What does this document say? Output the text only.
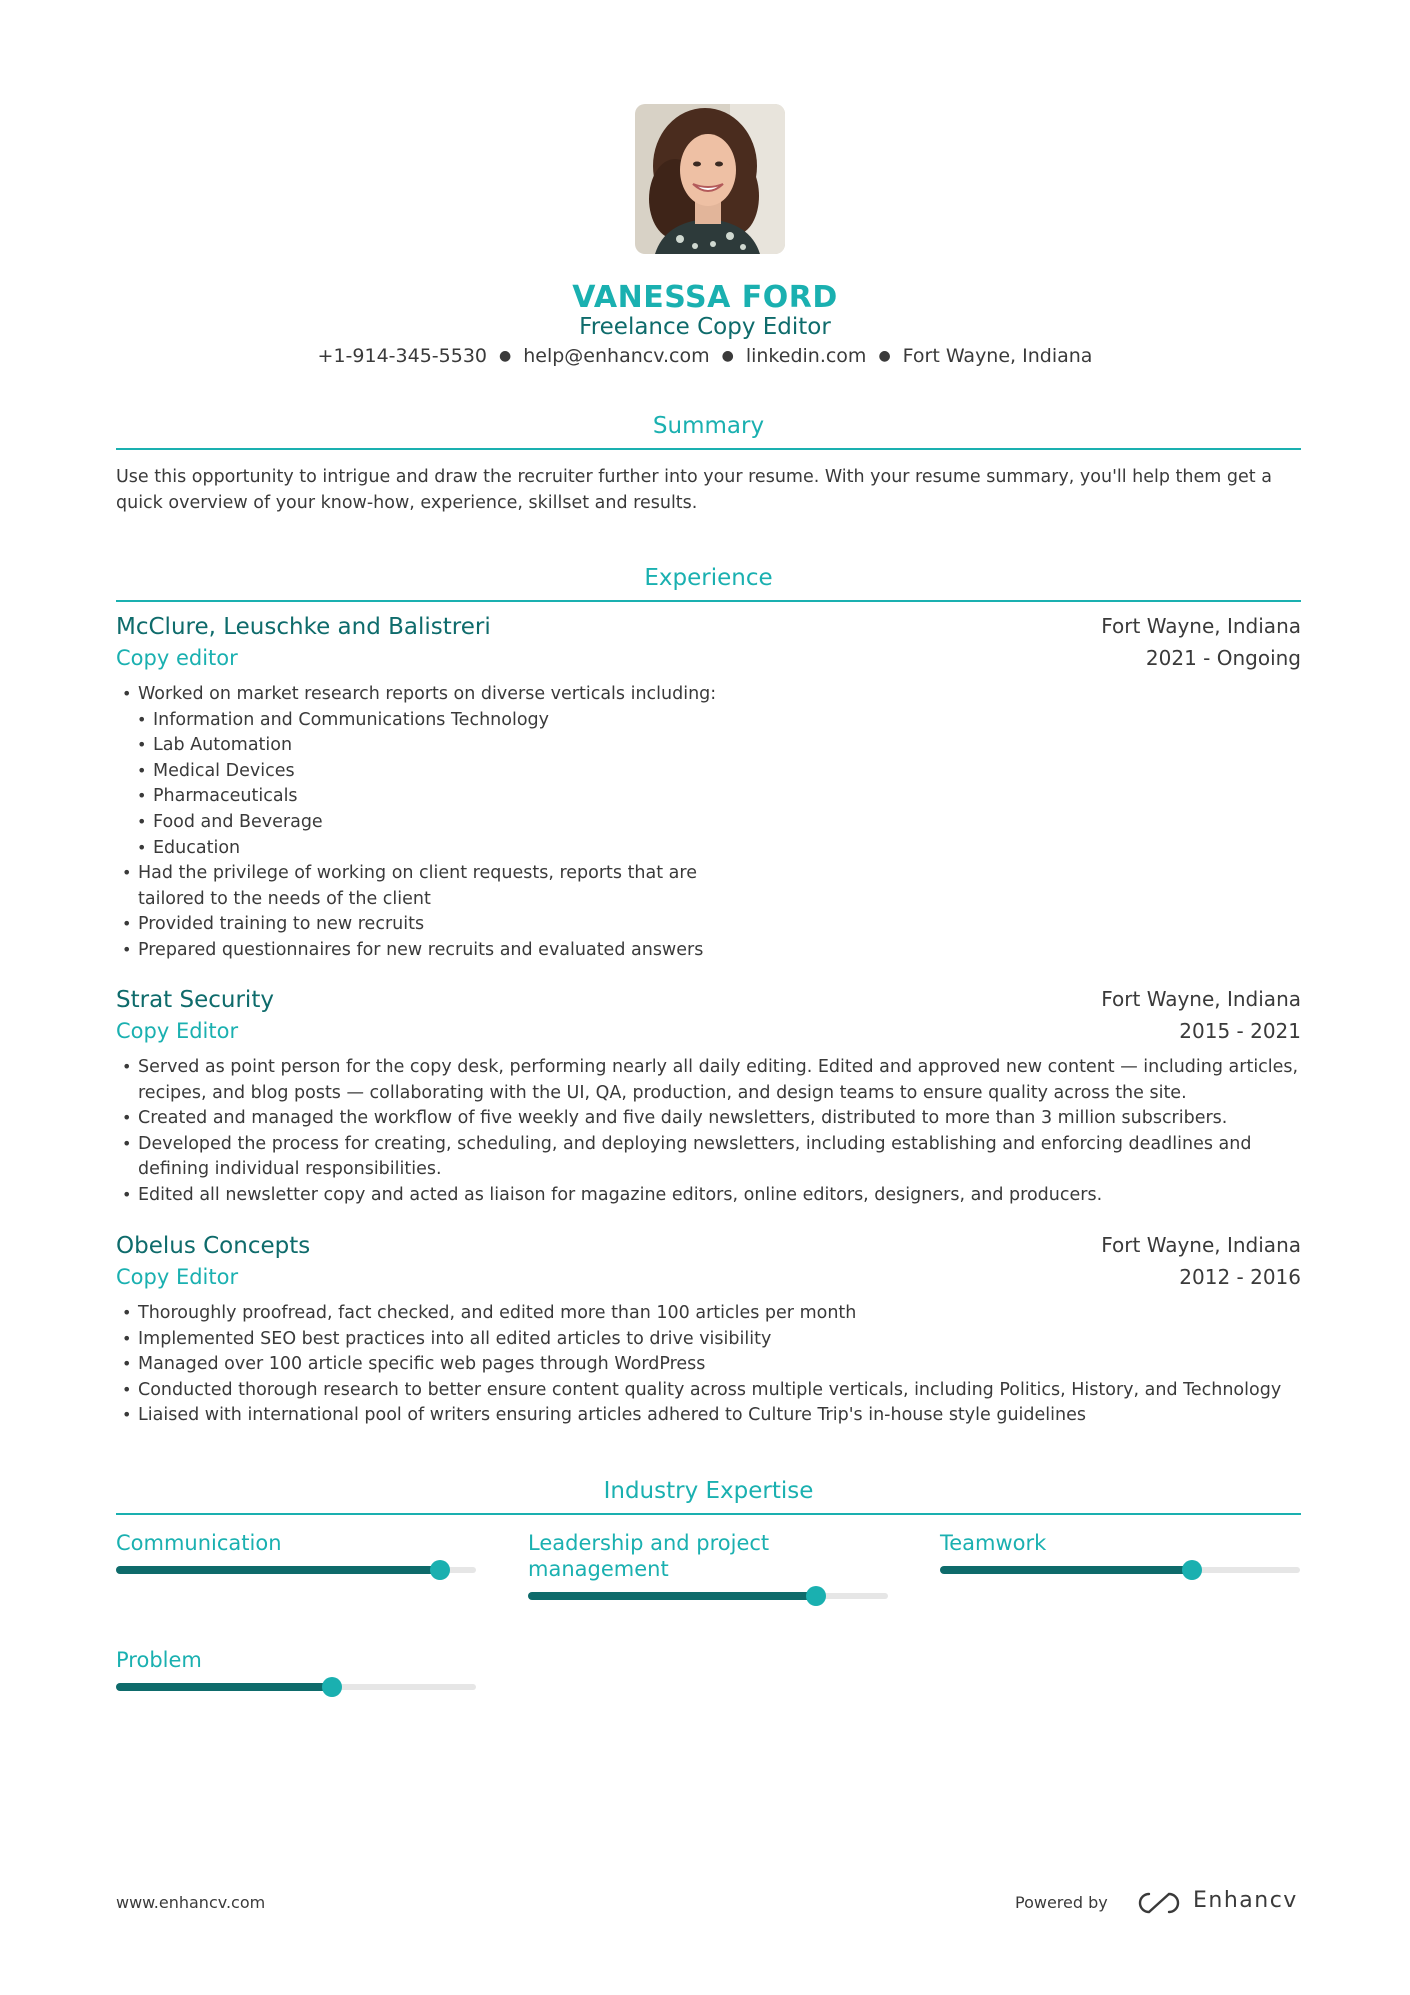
VANESSA FORD
Freelance Copy Editor
+1-914-345-5530 ● help@enhancv.com ● linkedin.com ● Fort Wayne, Indiana
Summary
Use this opportunity to intrigue and draw the recruiter further into your resume. With your resume summary, you'll help them get a quick overview of your know-how, experience, skillset and results.
Experience
McClure, Leuschke and Balistreri	Fort Wayne, Indiana
Copy editor	2021 - Ongoing
• Worked on market research reports on diverse verticals including:
• Information and Communications Technology
• Lab Automation
• Medical Devices
• Pharmaceuticals
• Food and Beverage
• Education
• Had the privilege of working on client requests, reports that are tailored to the needs of the client
• Provided training to new recruits
• Prepared questionnaires for new recruits and evaluated answers
Strat Security	Fort Wayne, Indiana
Copy Editor	2015 - 2021
• Served as point person for the copy desk, performing nearly all daily editing. Edited and approved new content — including articles, recipes, and blog posts — collaborating with the UI, QA, production, and design teams to ensure quality across the site.
• Created and managed the workflow of five weekly and five daily newsletters, distributed to more than 3 million subscribers.
• Developed the process for creating, scheduling, and deploying newsletters, including establishing and enforcing deadlines and defining individual responsibilities.
• Edited all newsletter copy and acted as liaison for magazine editors, online editors, designers, and producers.
Obelus Concepts	Fort Wayne, Indiana
Copy Editor	2012 - 2016
• Thoroughly proofread, fact checked, and edited more than 100 articles per month
• Implemented SEO best practices into all edited articles to drive visibility
• Managed over 100 article specific web pages through WordPress
• Conducted thorough research to better ensure content quality across multiple verticals, including Politics, History, and Technology
• Liaised with international pool of writers ensuring articles adhered to Culture Trip's in-house style guidelines
Industry Expertise
Communication	Leadership and project management
Teamwork
Problem
www.enhancv.com	Powered by	Enhancv
